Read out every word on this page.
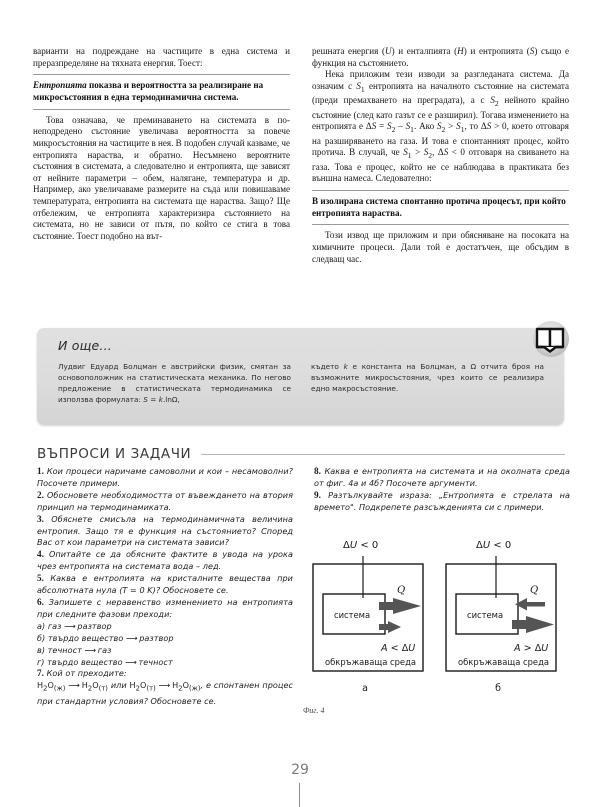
варианти на подреждане на частиците в една система и преразпределяне на тяхната енергия. Тоест:

Ентропията показва и вероятността за реализиране на микросъстояния в една термодинамична система.

Това означава, че преминаването на системата в по-неподредено състояние увеличава вероятността за повече микросъстояния на частиците в нея. В подобен случай казваме, че ентропията нараства, и обратно. Несъмнено вероятните състояния в системата, а следователно и ентропията, ще зависят от нейните параметри – обем, налягане, температура и др. Например, ако увеличаваме размерите на съда или повишаваме температурата, ентропията на системата ще нараства. Защо? Ще отбележим, че ентропията характеризира състоянието на системата, но не зависи от пътя, по който се стига в това състояние. Тоест подобно на вът-

решната енергия (U) и енталпията (H) и ентропията (S) също е функция на състоянието.

Нека приложим тези изводи за разгледаната система. Да означим с $S_1$ ентропията на началното състояние на системата (преди премахването на преградата), а с $S_2$ нейното крайно състояние (след като газът се е разширил). Тогава изменението на ентропията е $\Delta S = S_2 - S_1$. Ако $S_2 > S_1$, то ΔS > 0, което отговаря на разширяването на газа. И това е спонтанният процес, който протича. В случай, че $S_1 > S_2$, ΔS < 0 отговаря на свиването на газа. Това е процес, който не се наблюдава в практиката без външна намеса. Следователно:

В изолирана система спонтанно протича процесът, при който ентропията нараства.

Този извод ще приложим и при обясняване на посоката на химичните процеси. Дали той е достатъчен, ще обсъдим в следващ час.

И още...

Лудвиг Едуард Болцман е австрийски физик, смятан за основоположник на статистическата механика. По негово предложение в статистическата термодинамика се използва формулата: S = k.lnΩ,

където k е константа на Болцман, а Ω отчита броя на възможните микросъстояния, чрез които се реализира едно макросъстояние.

ВЪПРОСИ И ЗАДАЧИ

1. Кои процеси наричаме самоволни и кои – несамоволни? Посочете примери.

2. Обосновете необходимостта от въвеждането на втория принцип на термодинамиката.

3. Обяснете смисъла на термодинамичната величина ентропия. Защо тя е функция на състоянието? Според Вас от кои параметри на системата зависи?

4. Опитайте се да обясните фактите в увода на урока чрез ентропията на системата вода – лед.

5. Каква е ентропията на кристалните вещества при абсолютната нула (T = 0 K)? Обосновете се.

6. Запишете с неравенство изменението на ентропията при следните фазови преходи:

а) газ ⟶ разтвор

б) твърдо вещество ⟶ разтвор

в) течност ⟶ газ

г) твърдо вещество ⟶ течност

7. Кой от преходите:

$H_2O_{(ж)}$ ⟶ $H_2O_{(т)}$ или $H_2O_{(т)}$ ⟶ $H_2O_{(ж)}$, е спонтанен процес при стандартни условия? Обосновете се.

8. Каква е ентропията на системата и на околната среда от фиг. 4а и 4б? Посочете аргументи.

9. Разтълкувайте израза: „Ентропията е стрелата на времето". Подкрепете разсъжденията си с примери.

ΔU < 0
система
Q
A < ΔU
обкръжаваща среда
а
ΔU < 0
система
Q
A > ΔU
обкръжаваща среда
б
Фиг. 4
29
